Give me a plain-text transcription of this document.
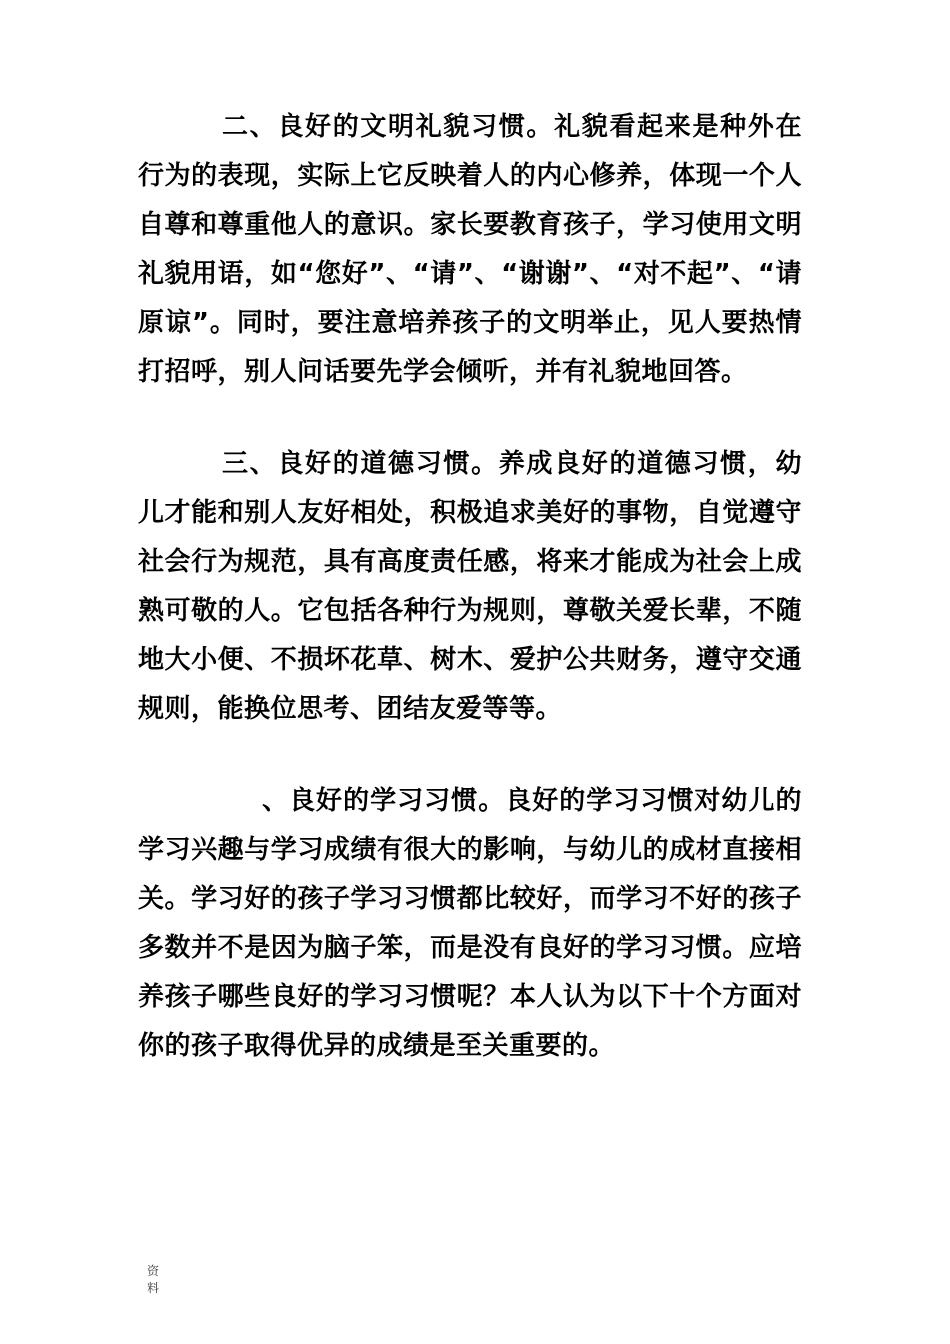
二、良好的文明礼貌习惯。礼貌看起来是种外在行为的表现，实际上它反映着人的内心修养，体现一个人自尊和尊重他人的意识。家长要教育孩子，学习使用文明礼貌用语，如“您好”、“请”、“谢谢”、“对不起”、“请原谅”。同时，要注意培养孩子的文明举止，见人要热情打招呼，别人问话要先学会倾听，并有礼貌地回答。

三、良好的道德习惯。养成良好的道德习惯，幼儿才能和别人友好相处，积极追求美好的事物，自觉遵守社会行为规范，具有高度责任感，将来才能成为社会上成熟可敬的人。它包括各种行为规则，尊敬关爱长辈，不随地大小便、不损坏花草、树木、爱护公共财务，遵守交通规则，能换位思考、团结友爱等等。

、良好的学习习惯。良好的学习习惯对幼儿的学习兴趣与学习成绩有很大的影响，与幼儿的成材直接相关。学习好的孩子学习习惯都比较好，而学习不好的孩子多数并不是因为脑子笨，而是没有良好的学习习惯。应培养孩子哪些良好的学习习惯呢？本人认为以下十个方面对你的孩子取得优异的成绩是至关重要的。

资料
